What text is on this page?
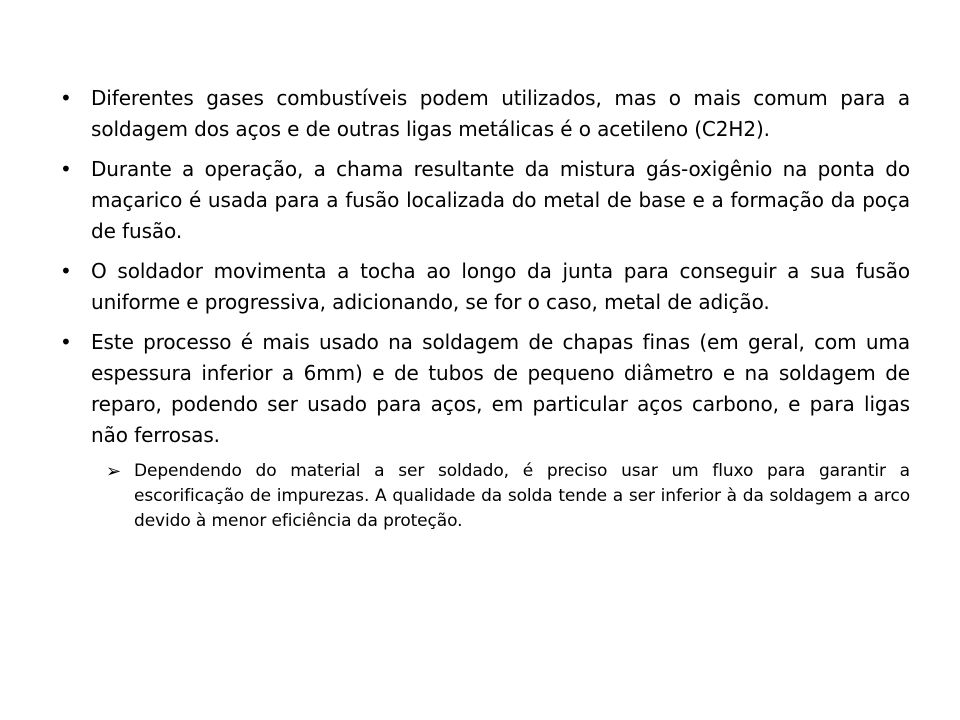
• Diferentes gases combustíveis podem utilizados, mas o mais comum para a soldagem dos aços e de outras ligas metálicas é o acetileno (C2H2).
• Durante a operação, a chama resultante da mistura gás-oxigênio na ponta do maçarico é usada para a fusão localizada do metal de base e a formação da poça de fusão.
• O soldador movimenta a tocha ao longo da junta para conseguir a sua fusão uniforme e progressiva, adicionando, se for o caso, metal de adição.
• Este processo é mais usado na soldagem de chapas finas (em geral, com uma espessura inferior a 6mm) e de tubos de pequeno diâmetro e na soldagem de reparo, podendo ser usado para aços, em particular aços carbono, e para ligas não ferrosas.
➢ Dependendo do material a ser soldado, é preciso usar um fluxo para garantir a escorificação de impurezas. A qualidade da solda tende a ser inferior à da soldagem a arco devido à menor eficiência da proteção.
